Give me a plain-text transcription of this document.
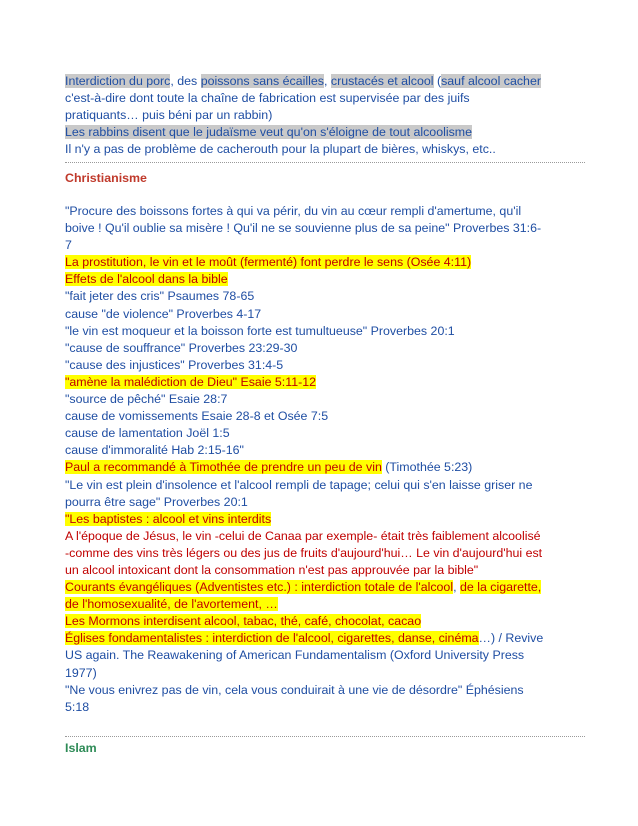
Interdiction du porc, des poissons sans écailles, crustacés et alcool (sauf alcool cacher
c'est-à-dire dont toute la chaîne de fabrication est supervisée par des juifs
pratiquants… puis béni par un rabbin)
Les rabbins disent que le judaïsme veut qu'on s'éloigne de tout alcoolisme
Il n'y a pas de problème de cacherouth pour la plupart de bières, whiskys, etc..
Christianisme
"Procure des boissons fortes à qui va périr, du vin au cœur rempli d'amertume, qu'il
boive ! Qu'il oublie sa misère ! Qu'il ne se souvienne plus de sa peine" Proverbes 31:6-
7
La prostitution, le vin et le moût (fermenté) font perdre le sens (Osée 4:11)
Effets de l'alcool dans la bible
"fait jeter des cris" Psaumes 78-65
cause "de violence" Proverbes 4-17
"le vin est moqueur et la boisson forte est tumultueuse" Proverbes 20:1
"cause de souffrance" Proverbes 23:29-30
"cause des injustices" Proverbes 31:4-5
"amène la malédiction de Dieu" Esaie 5:11-12
"source de pêché" Esaie 28:7
cause de vomissements Esaie 28-8 et Osée 7:5
cause de lamentation Joël 1:5
cause d'immoralité Hab 2:15-16"
Paul a recommandé à Timothée de prendre un peu de vin (Timothée 5:23)
"Le vin est plein d'insolence et l'alcool rempli de tapage; celui qui s'en laisse griser ne
pourra être sage" Proverbes 20:1
"Les baptistes : alcool et vins interdits
A l'époque de Jésus, le vin -celui de Canaa par exemple- était très faiblement alcoolisé
-comme des vins très légers ou des jus de fruits d'aujourd'hui… Le vin d'aujourd'hui est
un alcool intoxicant dont la consommation n'est pas approuvée par la bible"
Courants évangéliques (Adventistes etc.) : interdiction totale de l'alcool, de la cigarette,
de l'homosexualité, de l'avortement, …
Les Mormons interdisent alcool, tabac, thé, café, chocolat, cacao
Églises fondamentalistes : interdiction de l'alcool, cigarettes, danse, cinéma…) / Revive
US again. The Reawakening of American Fundamentalism (Oxford University Press
1977)
"Ne vous enivrez pas de vin, cela vous conduirait à une vie de désordre" Éphésiens
5:18
Islam
